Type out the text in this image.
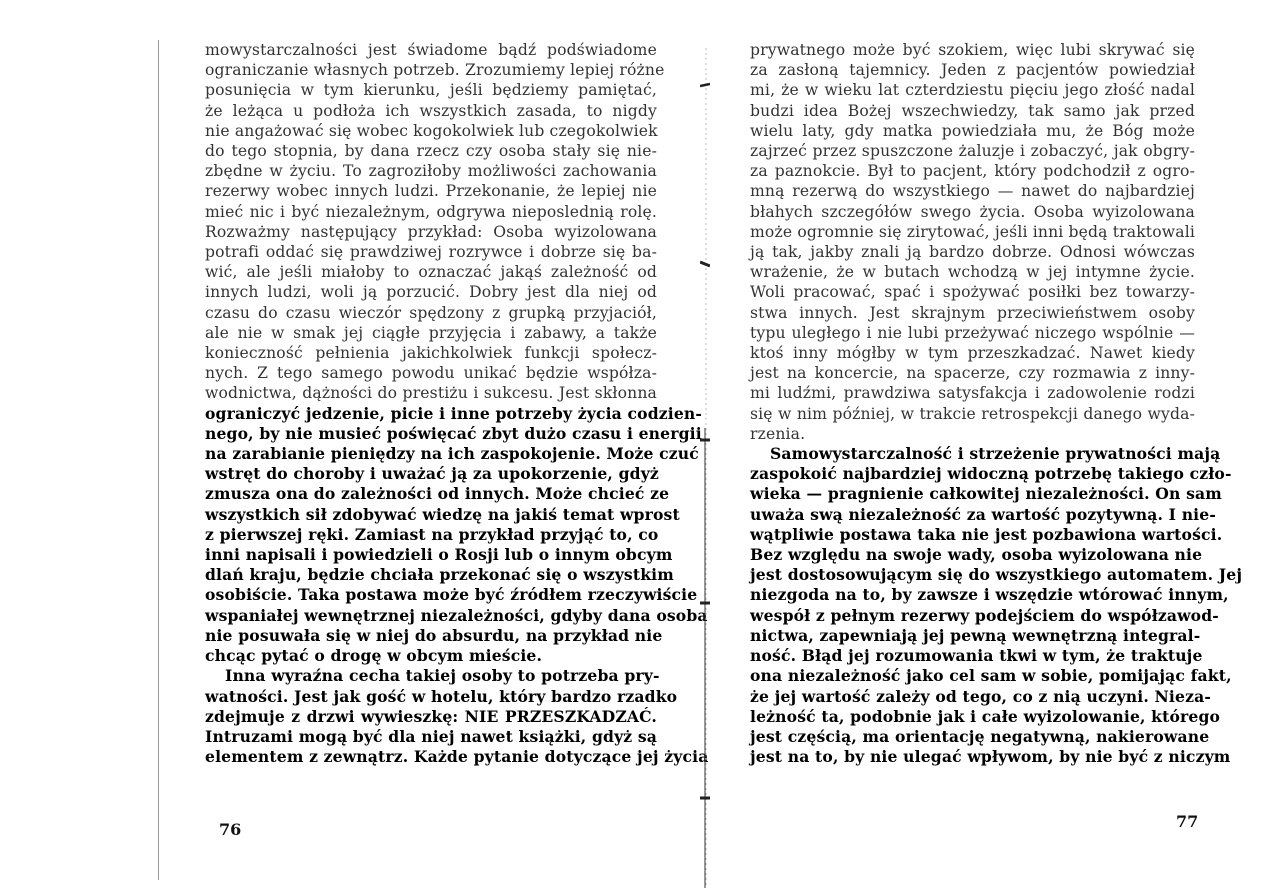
mowystarczalności jest świadome bądź podświadome
ograniczanie własnych potrzeb. Zrozumiemy lepiej różne
posunięcia w tym kierunku, jeśli będziemy pamiętać,
że leżąca u podłoża ich wszystkich zasada, to nigdy
nie angażować się wobec kogokolwiek lub czegokolwiek
do tego stopnia, by dana rzecz czy osoba stały się nie-
zbędne w życiu. To zagroziłoby możliwości zachowania
rezerwy wobec innych ludzi. Przekonanie, że lepiej nie
mieć nic i być niezależnym, odgrywa nieposlednią rolę.
Rozważmy następujący przykład: Osoba wyizolowana
potrafi oddać się prawdziwej rozrywce i dobrze się ba-
wić, ale jeśli miałoby to oznaczać jakąś zależność od
innych ludzi, woli ją porzucić. Dobry jest dla niej od
czasu do czasu wieczór spędzony z grupką przyjaciół,
ale nie w smak jej ciągłe przyjęcia i zabawy, a także
konieczność pełnienia jakichkolwiek funkcji społecz-
nych. Z tego samego powodu unikać będzie współza-
wodnictwa, dążności do prestiżu i sukcesu. Jest skłonna
ograniczyć jedzenie, picie i inne potrzeby życia codzien-
nego, by nie musieć poświęcać zbyt dużo czasu i energii
na zarabianie pieniędzy na ich zaspokojenie. Może czuć
wstręt do choroby i uważać ją za upokorzenie, gdyż
zmusza ona do zależności od innych. Może chcieć ze
wszystkich sił zdobywać wiedzę na jakiś temat wprost
z pierwszej ręki. Zamiast na przykład przyjąć to, co
inni napisali i powiedzieli o Rosji lub o innym obcym
dlań kraju, będzie chciała przekonać się o wszystkim
osobiście. Taka postawa może być źródłem rzeczywiście
wspaniałej wewnętrznej niezależności, gdyby dana osoba
nie posuwała się w niej do absurdu, na przykład nie
chcąc pytać o drogę w obcym mieście.
Inna wyraźna cecha takiej osoby to potrzeba pry-
watności. Jest jak gość w hotelu, który bardzo rzadko
zdejmuje z drzwi wywieszkę: NIE PRZESZKADZAĆ.
Intruzami mogą być dla niej nawet książki, gdyż są
elementem z zewnątrz. Każde pytanie dotyczące jej życia
prywatnego może być szokiem, więc lubi skrywać się
za zasłoną tajemnicy. Jeden z pacjentów powiedział
mi, że w wieku lat czterdziestu pięciu jego złość nadal
budzi idea Bożej wszechwiedzy, tak samo jak przed
wielu laty, gdy matka powiedziała mu, że Bóg może
zajrzeć przez spuszczone żaluzje i zobaczyć, jak obgry-
za paznokcie. Był to pacjent, który podchodził z ogro-
mną rezerwą do wszystkiego — nawet do najbardziej
błahych szczegółów swego życia. Osoba wyizolowana
może ogromnie się zirytować, jeśli inni będą traktowali
ją tak, jakby znali ją bardzo dobrze. Odnosi wówczas
wrażenie, że w butach wchodzą w jej intymne życie.
Woli pracować, spać i spożywać posiłki bez towarzy-
stwa innych. Jest skrajnym przeciwieństwem osoby
typu uległego i nie lubi przeżywać niczego wspólnie —
ktoś inny mógłby w tym przeszkadzać. Nawet kiedy
jest na koncercie, na spacerze, czy rozmawia z inny-
mi ludźmi, prawdziwa satysfakcja i zadowolenie rodzi
się w nim później, w trakcie retrospekcji danego wyda-
rzenia.
Samowystarczalność i strzeżenie prywatności mają
zaspokoić najbardziej widoczną potrzebę takiego czło-
wieka — pragnienie całkowitej niezależności. On sam
uważa swą niezależność za wartość pozytywną. I nie-
wątpliwie postawa taka nie jest pozbawiona wartości.
Bez względu na swoje wady, osoba wyizolowana nie
jest dostosowującym się do wszystkiego automatem. Jej
niezgoda na to, by zawsze i wszędzie wtórować innym,
wespół z pełnym rezerwy podejściem do współzawod-
nictwa, zapewniają jej pewną wewnętrzną integral-
ność. Błąd jej rozumowania tkwi w tym, że traktuje
ona niezależność jako cel sam w sobie, pomijając fakt,
że jej wartość zależy od tego, co z nią uczyni. Nieza-
leżność ta, podobnie jak i całe wyizolowanie, którego
jest częścią, ma orientację negatywną, nakierowane
jest na to, by nie ulegać wpływom, by nie być z niczym
76	77
